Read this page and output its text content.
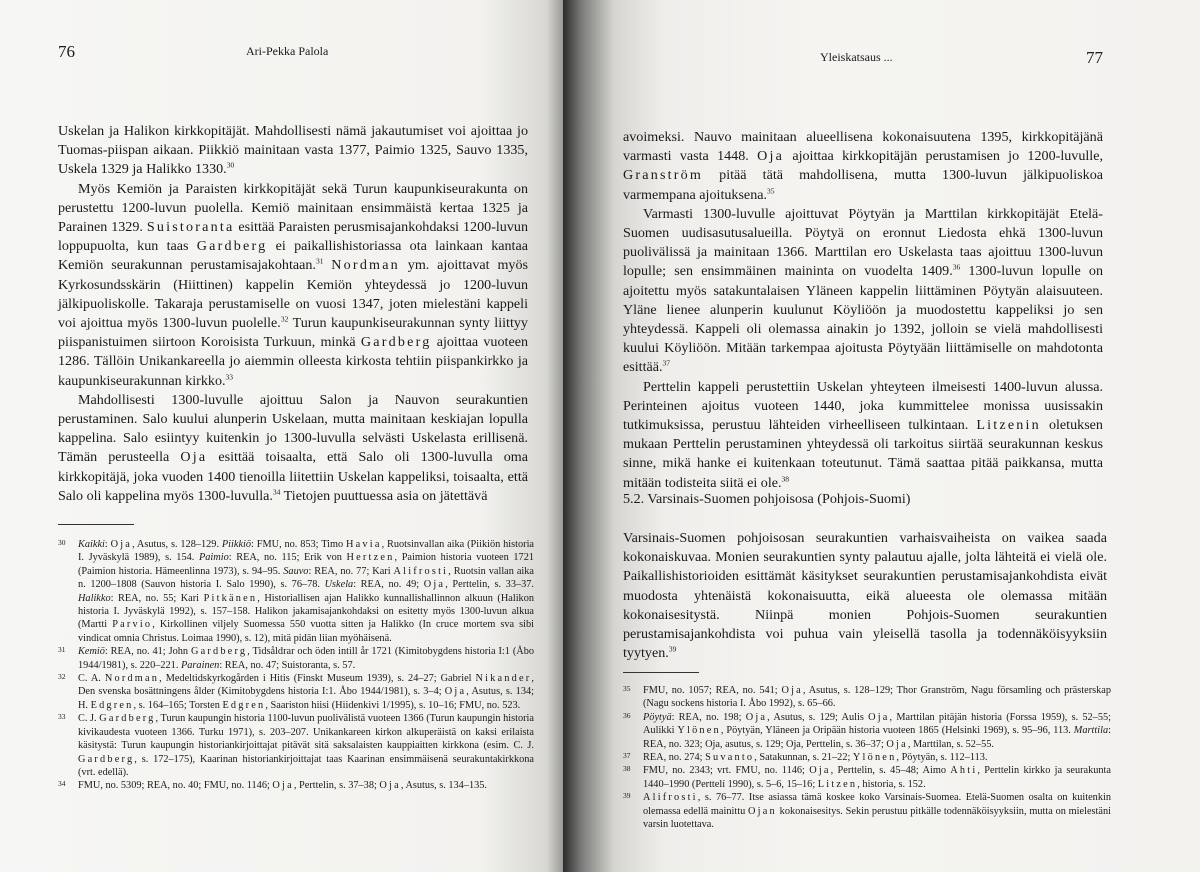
76	Ari-Pekka Palola

Uskelan ja Halikon kirkkopitäjät. Mahdollisesti nämä jakautumiset voi ajoittaa jo Tuomas-piispan aikaan. Piikkiö mainitaan vasta 1377, Paimio 1325, Sauvo 1335, Uskela 1329 ja Halikko 1330.30

Myös Kemiön ja Paraisten kirkkopitäjät sekä Turun kaupunkiseurakunta on perustettu 1200-luvun puolella. Kemiö mainitaan ensimmäistä kertaa 1325 ja Parainen 1329. Suistoranta esittää Paraisten perusmisajankohdaksi 1200-luvun loppupuolta, kun taas Gardberg ei paikallishistoriassa ota lainkaan kantaa Kemiön seurakunnan perustamisajakohtaan.$^{31}$ Nordman ym. ajoittavat myös Kyrkosundsskärin (Hiittinen) kappelin Kemiön yhteydessä jo 1200-luvun jälkipuoliskolle. Takaraja perustamiselle on vuosi 1347, joten mielestäni kappeli voi ajoittua myös 1300-luvun puolelle.$^{32}$ Turun kaupunkiseurakunnan synty liittyy piispanistuimen siirtoon Koroisista Turkuun, minkä Gardberg ajoittaa vuoteen 1286. Tällöin Unikankareella jo aiemmin olleesta kirkosta tehtiin piispankirkko ja kaupunkiseurakunnan kirkko.$^{33}$

Mahdollisesti 1300-luvulle ajoittuu Salon ja Nauvon seurakuntien perustaminen. Salo kuului alunperin Uskelaan, mutta mainitaan keskiajan lopulla kappelina. Salo esiintyy kuitenkin jo 1300-luvulla selvästi Uskelasta erillisenä. Tämän perusteella Oja esittää toisaalta, että Salo oli 1300-luvulla oma kirkkopitäjä, joka vuoden 1400 tienoilla liitettiin Uskelan kappeliksi, toisaalta, että Salo oli kappelina myös 1300-luvulla.$^{34}$ Tietojen puuttuessa asia on jätettävä

30 Kaikki: Oja, Asutus, s. 128–129. Piikkiö: FMU, no. 853; Timo Havia, Ruotsinvallan aika (Piikiön historia I. Jyväskylä 1989), s. 154. Paimio: REA, no. 115; Erik von Hertzen, Paimion historia vuoteen 1721 (Paimion historia. Hämeenlinna 1973), s. 94–95. Sauvo: REA, no. 77; Kari Alifrosti, Ruotsin vallan aika n. 1200–1808 (Sauvon historia I. Salo 1990), s. 76–78. Uskela: REA, no. 49; Oja, Perttelin, s. 33–37. Halikko: REA, no. 55; Kari Pitkänen, Historiallisen ajan Halikko kunnallishallinnon alkuun (Halikon historia I. Jyväskylä 1992), s. 157–158. Halikon jakamisajankohdaksi on esitetty myös 1300-luvun alkua (Martti Parvio, Kirkollinen viljely Suomessa 550 vuotta sitten ja Halikko (In cruce mortem sva sibi vindicat omnia Christus. Loimaa 1990), s. 12), mitä pidän liian myöhäisenä.
31 Kemiö: REA, no. 41; John Gardberg, Tidsåldrar och öden intill år 1721 (Kimitobygdens historia I:1 (Åbo 1944/1981), s. 220–221. Parainen: REA, no. 47; Suistoranta, s. 57.
32 C. A. Nordman, Medeltidskyrkogården i Hitis (Finskt Museum 1939), s. 24–27; Gabriel Nikander, Den svenska bosättningens ålder (Kimitobygdens historia I:1. Åbo 1944/1981), s. 3–4; Oja, Asutus, s. 134; H. Edgren, s. 164–165; Torsten Edgren, Saariston hiisi (Hiidenkivi 1/1995), s. 10–16; FMU, no. 523.
33 C. J. Gardberg, Turun kaupungin historia 1100-luvun puolivälistä vuoteen 1366 (Turun kaupungin historia kivikaudesta vuoteen 1366. Turku 1971), s. 203–207. Unikankareen kirkon alkuperäistä on kaksi erilaista käsitystä: Turun kaupungin historiankirjoittajat pitävät sitä saksalaisten kauppiaitten kirkkona (esim. C. J. Gardberg, s. 172–175), Kaarinan historiankirjoittajat taas Kaarinan ensimmäisenä seurakuntakirkkona (vrt. edellä).
34 FMU, no. 5309; REA, no. 40; FMU, no. 1146; Oja, Perttelin, s. 37–38; Oja, Asutus, s. 134–135.
Yleiskatsaus ...	77

avoimeksi. Nauvo mainitaan alueellisena kokonaisuutena 1395, kirkkopitäjänä varmasti vasta 1448. Oja ajoittaa kirkkopitäjän perustamisen jo 1200-luvulle, Granström pitää tätä mahdollisena, mutta 1300-luvun jälkipuoliskoa varmempana ajoituksena.$^{35}$

Varmasti 1300-luvulle ajoittuvat Pöytyän ja Marttilan kirkkopitäjät Etelä-Suomen uudisasutusalueilla. Pöytyä on eronnut Liedosta ehkä 1300-luvun puolivälissä ja mainitaan 1366. Marttilan ero Uskelasta taas ajoittuu 1300-luvun lopulle; sen ensimmäinen maininta on vuodelta 1409.36 1300-luvun lopulle on ajoitettu myös satakuntalaisen Yläneen kappelin liittäminen Pöytyän alaisuuteen. Yläne lienee alunperin kuulunut Köyliöön ja muodostettu kappeliksi jo sen yhteydessä. Kappeli oli olemassa ainakin jo 1392, jolloin se vielä mahdollisesti kuului Köyliöön. Mitään tarkempaa ajoitusta Pöytyään liittämiselle on mahdotonta esittää.$^{37}$

Perttelin kappeli perustettiin Uskelan yhteyteen ilmeisesti 1400-luvun alussa. Perinteinen ajoitus vuoteen 1440, joka kummittelee monissa uusissakin tutkimuksissa, perustuu lähteiden virheelliseen tulkintaan. Litzenin oletuksen mukaan Perttelin perustaminen yhteydessä oli tarkoitus siirtää seurakunnan keskus sinne, mikä hanke ei kuitenkaan toteutunut. Tämä saattaa pitää paikkansa, mutta mitään todisteita siitä ei ole.$^{38}$

5.2. Varsinais-Suomen pohjoisosa (Pohjois-Suomi)

Varsinais-Suomen pohjoisosan seurakuntien varhaisvaiheista on vaikea saada kokonaiskuvaa. Monien seurakuntien synty palautuu ajalle, jolta lähteitä ei vielä ole. Paikallishistorioiden esittämät käsitykset seurakuntien perustamisajankohdista eivät muodosta yhtenäistä kokonaisuutta, eikä alueesta ole olemassa mitään kokonaisesitystä. Niinpä monien Pohjois-Suomen seurakuntien perustamisajankohdista voi puhua vain yleisellä tasolla ja todennäköisyyksiin tyytyen.$^{39}$

35 FMU, no. 1057; REA, no. 541; Oja, Asutus, s. 128–129; Thor Granström, Nagu församling och prästerskap (Nagu sockens historia I. Åbo 1992), s. 65–66.
36 Pöytyä: REA, no. 198; Oja, Asutus, s. 129; Aulis Oja, Marttilan pitäjän historia (Forssa 1959), s. 52–55; Aulikki Ylönen, Pöytyän, Yläneen ja Oripään historia vuoteen 1865 (Helsinki 1969), s. 95–96, 113. Marttila: REA, no. 323; Oja, asutus, s. 129; Oja, Perttelin, s. 36–37; Oja, Marttilan, s. 52–55.
37 REA, no. 274; Suvanto, Satakunnan, s. 21–22; Ylönen, Pöytyän, s. 112–113.
38 FMU, no. 2343; vrt. FMU, no. 1146; Oja, Perttelin, s. 45–48; Aimo Ahti, Perttelin kirkko ja seurakunta 1440–1990 (Perttelí 1990), s. 5–6, 15–16; Litzen, historia, s. 152.
39 Alifrosti, s. 76–77. Itse asiassa tämä koskee koko Varsinais-Suomea. Etelä-Suomen osalta on kuitenkin olemassa edellä mainittu Ojan kokonaisesitys. Sekin perustuu pitkälle todennäköisyyksiin, mutta on mielestäni varsin luotettava.
